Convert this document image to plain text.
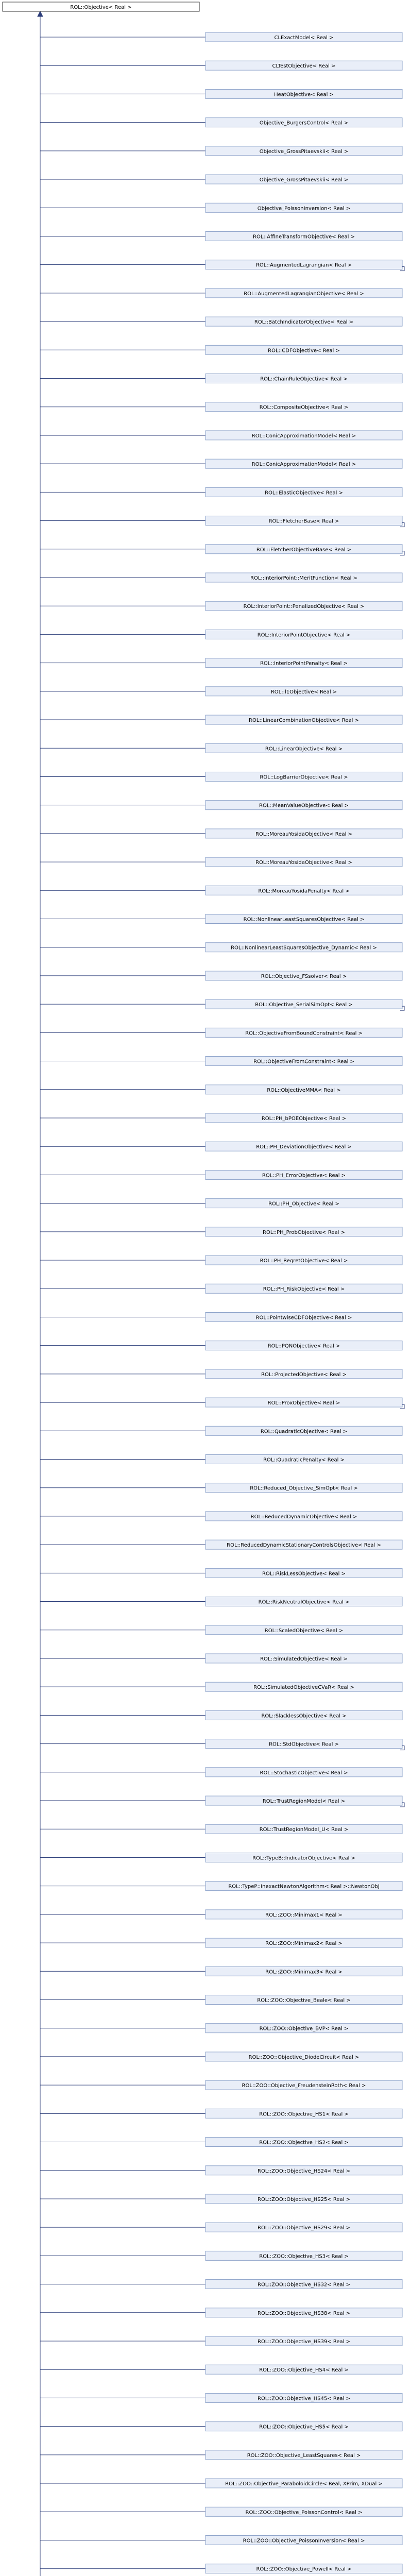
ROL::Objective< Real >
CLExactModel< Real >
CLTestObjective< Real >
HeatObjective< Real >
Objective_BurgersControl< Real >
Objective_GrossPitaevskii< Real >
Objective_GrossPitaevskii< Real >
Objective_PoissonInversion< Real >
ROL::AffineTransformObjective< Real >
ROL::AugmentedLagrangian< Real >
ROL::AugmentedLagrangianObjective< Real >
ROL::BatchIndicatorObjective< Real >
ROL::CDFObjective< Real >
ROL::ChainRuleObjective< Real >
ROL::CompositeObjective< Real >
ROL::ConicApproximationModel< Real >
ROL::ConicApproximationModel< Real >
ROL::ElasticObjective< Real >
ROL::FletcherBase< Real >
ROL::FletcherObjectiveBase< Real >
ROL::InteriorPoint::MeritFunction< Real >
ROL::InteriorPoint::PenalizedObjective< Real >
ROL::InteriorPointObjective< Real >
ROL::InteriorPointPenalty< Real >
ROL::l1Objective< Real >
ROL::LinearCombinationObjective< Real >
ROL::LinearObjective< Real >
ROL::LogBarrierObjective< Real >
ROL::MeanValueObjective< Real >
ROL::MoreauYosidaObjective< Real >
ROL::MoreauYosidaObjective< Real >
ROL::MoreauYosidaPenalty< Real >
ROL::NonlinearLeastSquaresObjective< Real >
ROL::NonlinearLeastSquaresObjective_Dynamic< Real >
ROL::Objective_FSsolver< Real >
ROL::Objective_SerialSimOpt< Real >
ROL::ObjectiveFromBoundConstraint< Real >
ROL::ObjectiveFromConstraint< Real >
ROL::ObjectiveMMA< Real >
ROL::PH_bPOEObjective< Real >
ROL::PH_DeviationObjective< Real >
ROL::PH_ErrorObjective< Real >
ROL::PH_Objective< Real >
ROL::PH_ProbObjective< Real >
ROL::PH_RegretObjective< Real >
ROL::PH_RiskObjective< Real >
ROL::PointwiseCDFObjective< Real >
ROL::PQNObjective< Real >
ROL::ProjectedObjective< Real >
ROL::ProxObjective< Real >
ROL::QuadraticObjective< Real >
ROL::QuadraticPenalty< Real >
ROL::Reduced_Objective_SimOpt< Real >
ROL::ReducedDynamicObjective< Real >
ROL::ReducedDynamicStationaryControlsObjective< Real >
ROL::RiskLessObjective< Real >
ROL::RiskNeutralObjective< Real >
ROL::ScaledObjective< Real >
ROL::SimulatedObjective< Real >
ROL::SimulatedObjectiveCVaR< Real >
ROL::SlacklessObjective< Real >
ROL::StdObjective< Real >
ROL::StochasticObjective< Real >
ROL::TrustRegionModel< Real >
ROL::TrustRegionModel_U< Real >
ROL::TypeB::IndicatorObjective< Real >
ROL::TypeP::InexactNewtonAlgorithm< Real >::NewtonObj
ROL::ZOO::Minimax1< Real >
ROL::ZOO::Minimax2< Real >
ROL::ZOO::Minimax3< Real >
ROL::ZOO::Objective_Beale< Real >
ROL::ZOO::Objective_BVP< Real >
ROL::ZOO::Objective_DiodeCircuit< Real >
ROL::ZOO::Objective_FreudensteinRoth< Real >
ROL::ZOO::Objective_HS1< Real >
ROL::ZOO::Objective_HS2< Real >
ROL::ZOO::Objective_HS24< Real >
ROL::ZOO::Objective_HS25< Real >
ROL::ZOO::Objective_HS29< Real >
ROL::ZOO::Objective_HS3< Real >
ROL::ZOO::Objective_HS32< Real >
ROL::ZOO::Objective_HS38< Real >
ROL::ZOO::Objective_HS39< Real >
ROL::ZOO::Objective_HS4< Real >
ROL::ZOO::Objective_HS45< Real >
ROL::ZOO::Objective_HS5< Real >
ROL::ZOO::Objective_LeastSquares< Real >
ROL::ZOO::Objective_ParaboloidCircle< Real, XPrim, XDual >
ROL::ZOO::Objective_PoissonControl< Real >
ROL::ZOO::Objective_PoissonInversion< Real >
ROL::ZOO::Objective_Powell< Real >
